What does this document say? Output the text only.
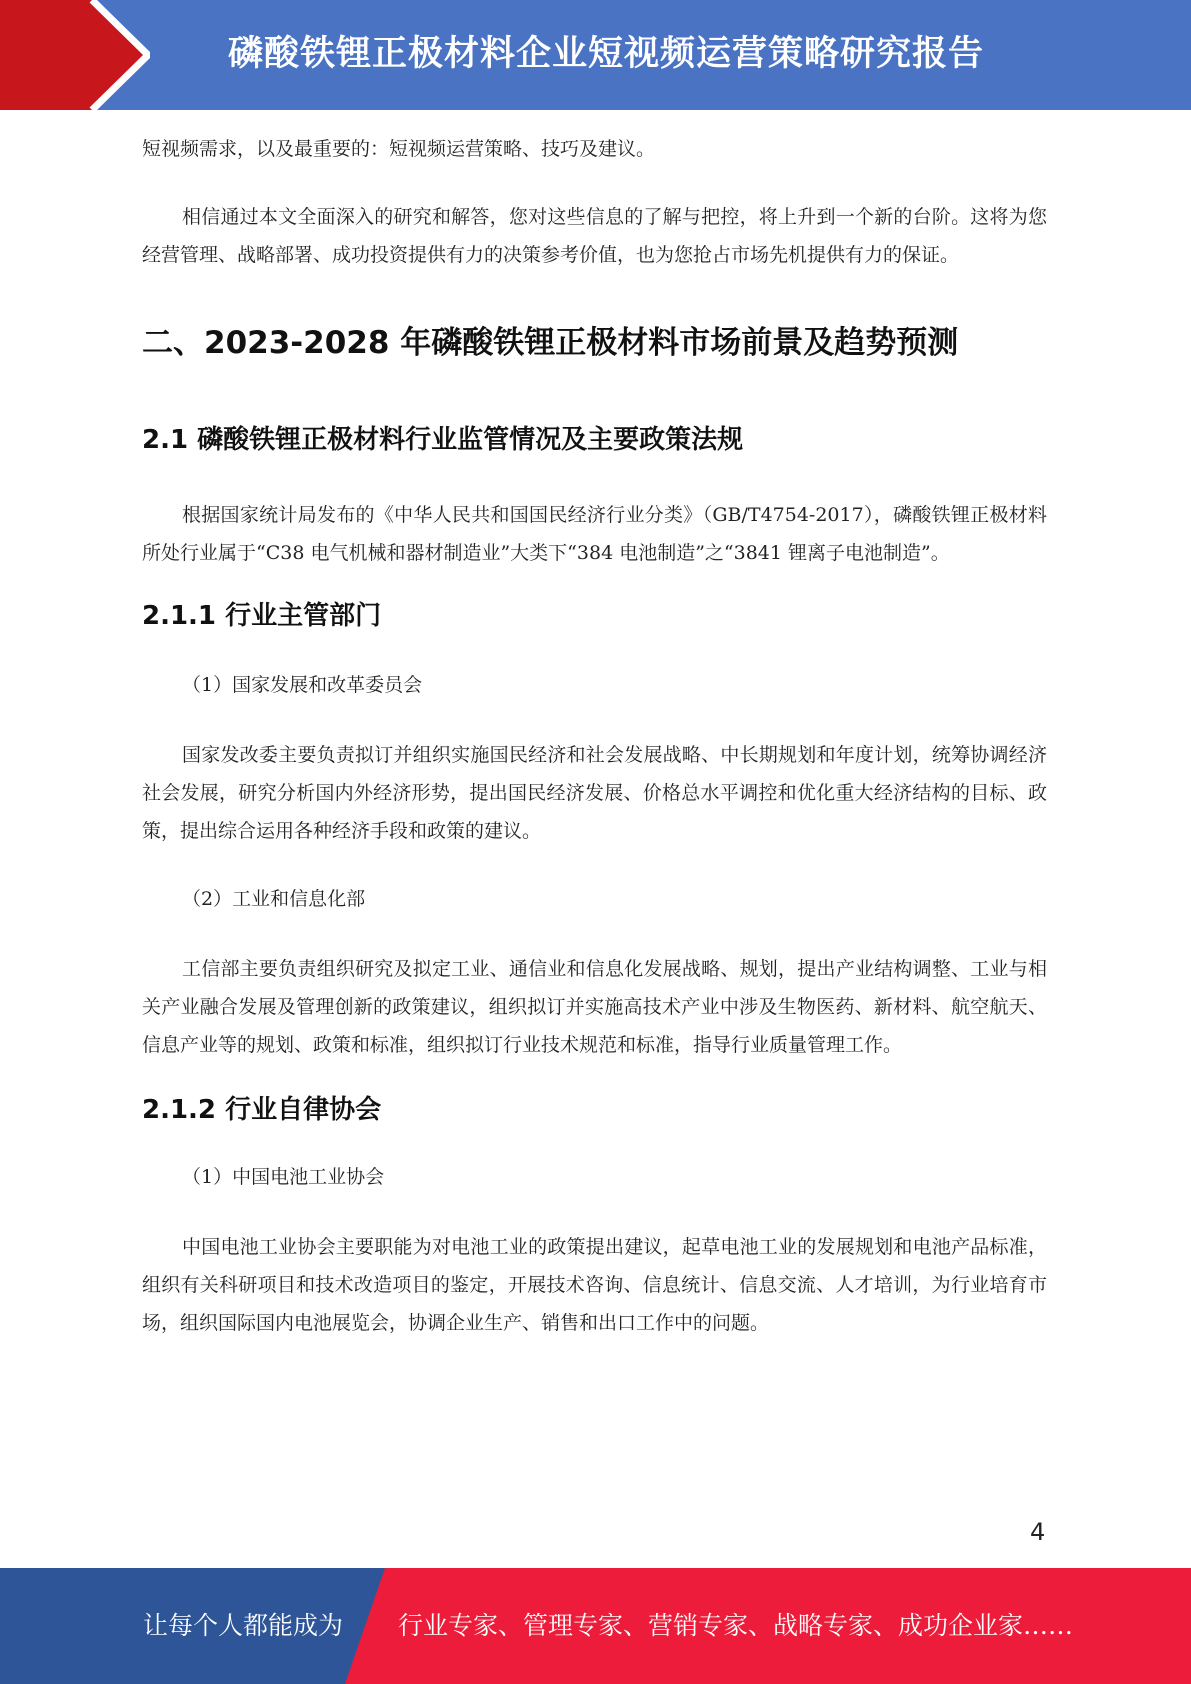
磷酸铁锂正极材料企业短视频运营策略研究报告

短视频需求，以及最重要的：短视频运营策略、技巧及建议。

相信通过本文全面深入的研究和解答，您对这些信息的了解与把控，将上升到一个新的台阶。这将为您经营管理、战略部署、成功投资提供有力的决策参考价值，也为您抢占市场先机提供有力的保证。

二、2023-2028 年磷酸铁锂正极材料市场前景及趋势预测
2.1 磷酸铁锂正极材料行业监管情况及主要政策法规

根据国家统计局发布的《中华人民共和国国民经济行业分类》（GB/T4754-2017），磷酸铁锂正极材料所处行业属于“C38 电气机械和器材制造业”大类下“384 电池制造”之“3841 锂离子电池制造”。

2.1.1 行业主管部门

（1）国家发展和改革委员会

国家发改委主要负责拟订并组织实施国民经济和社会发展战略、中长期规划和年度计划，统筹协调经济社会发展，研究分析国内外经济形势，提出国民经济发展、价格总水平调控和优化重大经济结构的目标、政策，提出综合运用各种经济手段和政策的建议。

（2）工业和信息化部

工信部主要负责组织研究及拟定工业、通信业和信息化发展战略、规划，提出产业结构调整、工业与相关产业融合发展及管理创新的政策建议，组织拟订并实施高技术产业中涉及生物医药、新材料、航空航天、信息产业等的规划、政策和标准，组织拟订行业技术规范和标准，指导行业质量管理工作。

2.1.2 行业自律协会

（1）中国电池工业协会

中国电池工业协会主要职能为对电池工业的政策提出建议，起草电池工业的发展规划和电池产品标准，组织有关科研项目和技术改造项目的鉴定，开展技术咨询、信息统计、信息交流、人才培训，为行业培育市场，组织国际国内电池展览会，协调企业生产、销售和出口工作中的问题。

4
让每个人都能成为 行业专家、管理专家、营销专家、战略专家、成功企业家……
